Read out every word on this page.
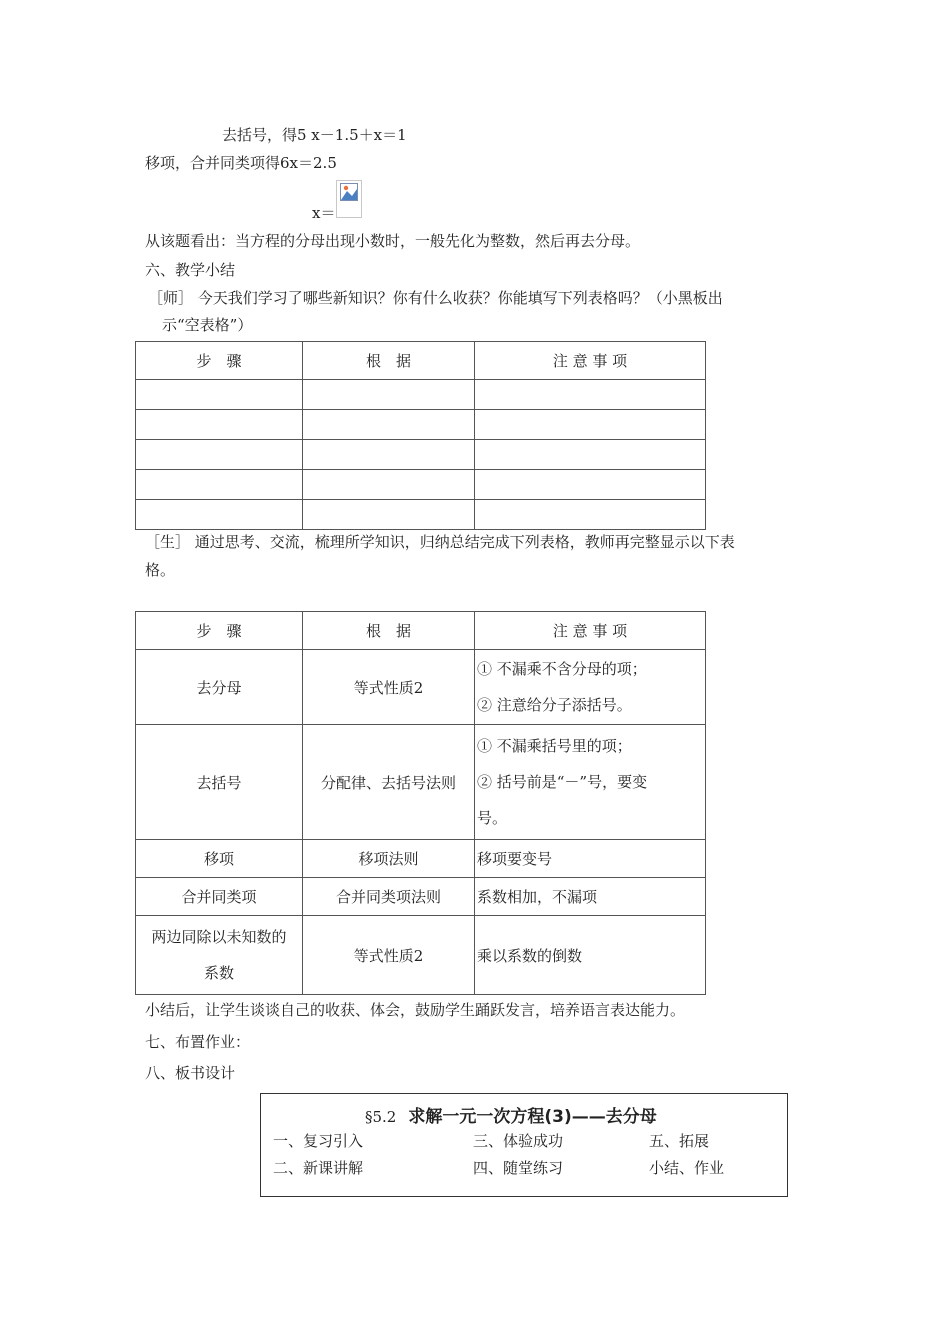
去括号，得5 x－1.5＋x＝1
移项，合并同类项得6x＝2.5
x＝
从该题看出：当方程的分母出现小数时，一般先化为整数，然后再去分母。
六、教学小结
［师］ 今天我们学习了哪些新知识？你有什么收获？你能填写下列表格吗？（小黑板出
示“空表格”）
步　骤	根　据	注 意 事 项

［生］ 通过思考、交流，梳理所学知识，归纳总结完成下列表格，教师再完整显示以下表
格。
步　骤	根　据	注 意 事 项
去分母	等式性质2	① 不漏乘不含分母的项；
② 注意给分子添括号。

去括号	分配律、去括号法则	① 不漏乘括号里的项；
② 括号前是“－”号，要变
号。

移项	移项法则	移项要变号
合并同类项	合并同类项法则	系数相加，不漏项

两边同除以未知数的
系数	等式性质2	乘以系数的倒数
小结后，让学生谈谈自己的收获、体会，鼓励学生踊跃发言，培养语言表达能力。
七、布置作业：
八、板书设计
§5.2 求解一元一次方程(3)——去分母
一、复习引入	三、体验成功	五、拓展
二、新课讲解	四、随堂练习	小结、作业
